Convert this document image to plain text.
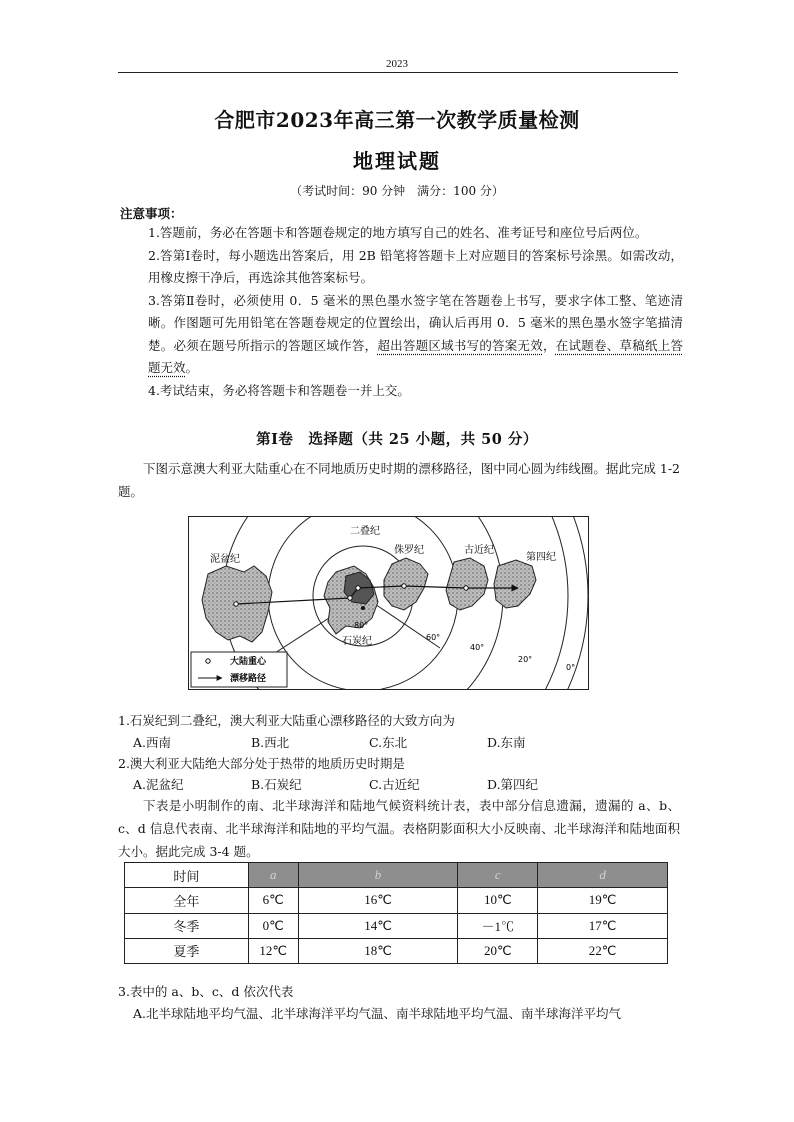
2023
合肥市2023年高三第一次教学质量检测
地理试题
（考试时间：90 分钟　满分：100 分）
注意事项：

1.答题前，务必在答题卡和答题卷规定的地方填写自己的姓名、准考证号和座位号后两位。

2.答第Ⅰ卷时，每小题选出答案后，用 2B 铅笔将答题卡上对应题目的答案标号涂黑。如需改动，用橡皮擦干净后，再选涂其他答案标号。

3.答第Ⅱ卷时，必须使用 0．5 毫米的黑色墨水签字笔在答题卷上书写，要求字体工整、笔迹清晰。作图题可先用铅笔在答题卷规定的位置绘出，确认后再用 0．5 毫米的黑色墨水签字笔描清楚。必须在题号所指示的答题区域作答，超出答题区域书写的答案无效，在试题卷、草稿纸上答题无效。

4.考试结束，务必将答题卡和答题卷一并上交。

第Ⅰ卷　选择题（共 25 小题，共 50 分）

下图示意澳大利亚大陆重心在不同地质历史时期的漂移路径，图中同心圆为纬线圈。据此完成 1-2 题。

泥盆纪
二叠纪
侏罗纪	古近纪
第四纪
石炭纪
80°
60°
40°
20°
0°
大陆重心
漂移路径
1.石炭纪到二叠纪，澳大利亚大陆重心漂移路径的大致方向为
A.西南	B.西北	C.东北	D.东南
2.澳大利亚大陆绝大部分处于热带的地质历史时期是
A.泥盆纪	B.石炭纪	C.古近纪	D.第四纪

下表是小明制作的南、北半球海洋和陆地气候资料统计表，表中部分信息遗漏，遗漏的 a、b、c、d 信息代表南、北半球海洋和陆地的平均气温。表格阴影面积大小反映南、北半球海洋和陆地面积大小。据此完成 3-4 题。

时间	a	b	c	d
全年	6℃	16℃	10℃	19℃
冬季	0℃	14℃	－1℃	17℃
夏季	12℃	18℃	20℃	22℃
3.表中的 a、b、c、d 依次代表
A.北半球陆地平均气温、北半球海洋平均气温、南半球陆地平均气温、南半球海洋平均气
